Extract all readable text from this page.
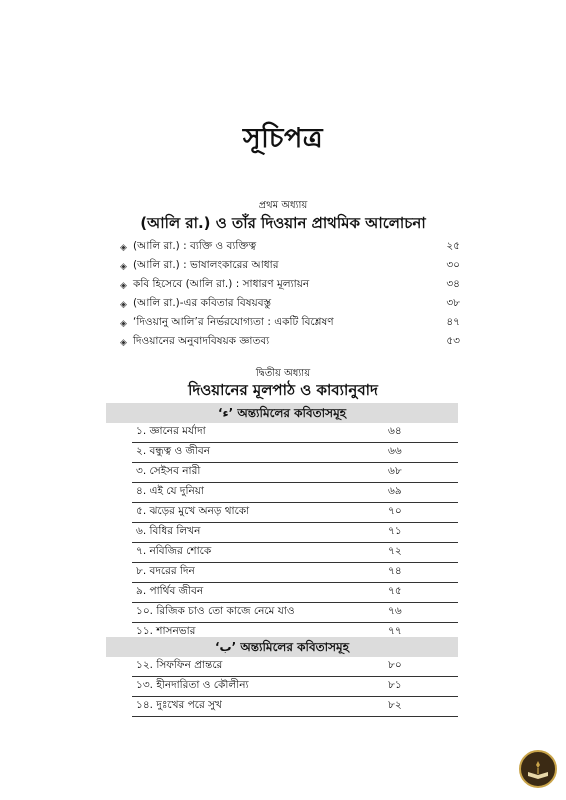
সূচিপত্র
প্রথম অধ্যায়
(আলি রা.) ও তাঁর দিওয়ান প্রাথমিক আলোচনা
◈ (আলি রা.) : ব্যক্তি ও ব্যক্তিত্ব	২৫
◈ (আলি রা.) : ভাষালংকারের আধার	৩০
◈ কবি হিসেবে (আলি রা.) : সাধারণ মূল্যায়ন	৩৪
◈ (আলি রা.)-এর কবিতার বিষয়বস্তু	৩৮
◈ ‘দিওয়ানু আলি’র নির্ভরযোগ্যতা : একটি বিশ্লেষণ	৪৭
◈ দিওয়ানের অনুবাদবিষয়ক জ্ঞাতব্য	৫৩
দ্বিতীয় অধ্যায়
দিওয়ানের মূলপাঠ ও কাব্যানুবাদ
‘ء’ অন্ত্যমিলের কবিতাসমূহ
১. জ্ঞানের মর্যাদা	৬৪
২. বন্ধুত্ব ও জীবন	৬৬
৩. সেইসব নারী	৬৮
৪. এই যে দুনিয়া	৬৯
৫. ঝড়ের মুখে অনড় থাকো	৭০
৬. বিধির লিখন	৭১
৭. নবিজির শোকে	৭২
৮. বদরের দিন	৭৪
৯. পার্থিব জীবন	৭৫
১০. রিজিক চাও তো কাজে নেমে যাও	৭৬
১১. শাসনভার	৭৭
‘ب’ অন্ত্যমিলের কবিতাসমূহ
১২. সিফফিন প্রান্তরে	৮০
১৩. হীনদারিতা ও কৌলীন্য	৮১
১৪. দুঃখের পরে সুখ	৮২
